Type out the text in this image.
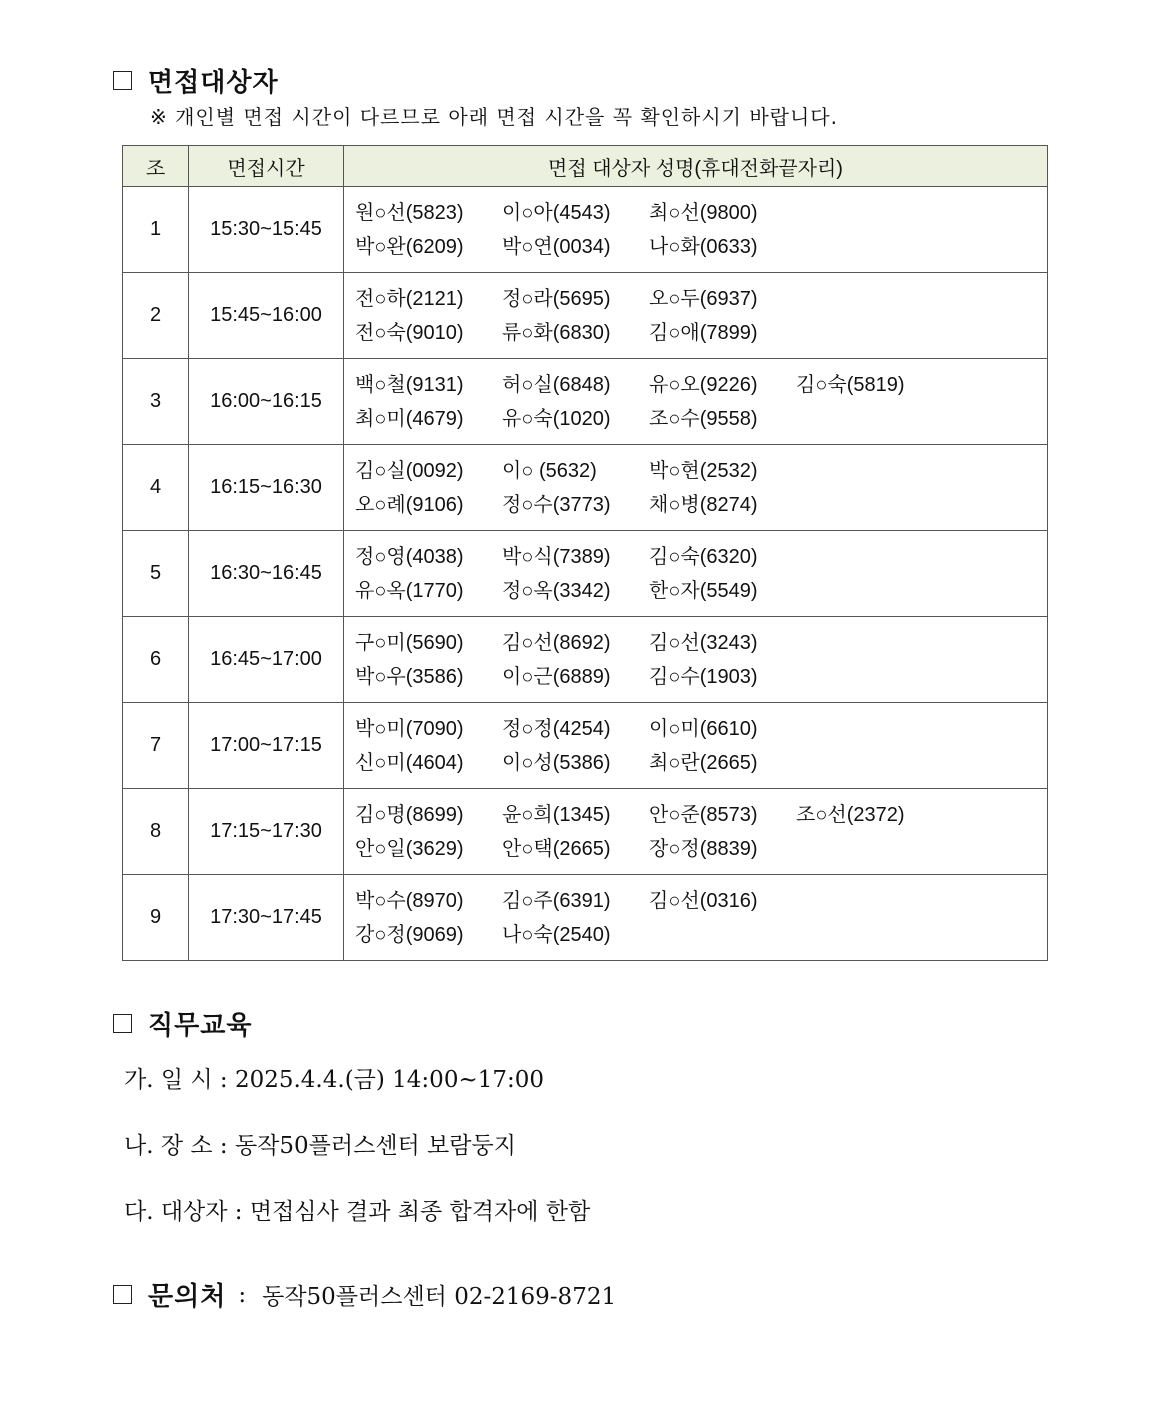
면접대상자
※ 개인별 면접 시간이 다르므로 아래 면접 시간을 꼭 확인하시기 바랍니다.
조	면접시간	면접 대상자 성명(휴대전화끝자리)
1	15:30~15:45	원○선(5823) 이○아(4543) 최○선(9800)
박○완(6209) 박○연(0034) 나○화(0633)

2	15:45~16:00	전○하(2121) 정○라(5695) 오○두(6937)
전○숙(9010) 류○화(6830) 김○애(7899)

3	16:00~16:15	백○철(9131) 허○실(6848) 유○오(9226) 김○숙(5819)
최○미(4679) 유○숙(1020) 조○수(9558)

4	16:15~16:30	김○실(0092) 이○ (5632) 박○현(2532)
오○례(9106) 정○수(3773) 채○병(8274)

5	16:30~16:45	정○영(4038) 박○식(7389) 김○숙(6320)
유○옥(1770) 정○옥(3342) 한○자(5549)

6	16:45~17:00	구○미(5690) 김○선(8692) 김○선(3243)
박○우(3586) 이○근(6889) 김○수(1903)

7	17:00~17:15	박○미(7090) 정○정(4254) 이○미(6610)
신○미(4604) 이○성(5386) 최○란(2665)

8	17:15~17:30	김○명(8699) 윤○희(1345) 안○준(8573) 조○선(2372)
안○일(3629) 안○택(2665) 장○정(8839)

9	17:30~17:45	박○수(8970) 김○주(6391) 김○선(0316)
강○정(9069) 나○숙(2540)
직무교육
가. 일 시 : 2025.4.4.(금) 14:00~17:00
나. 장 소 : 동작50플러스센터 보람둥지
다. 대상자 : 면접심사 결과 최종 합격자에 한함
문의처 : 동작50플러스센터 02-2169-8721
